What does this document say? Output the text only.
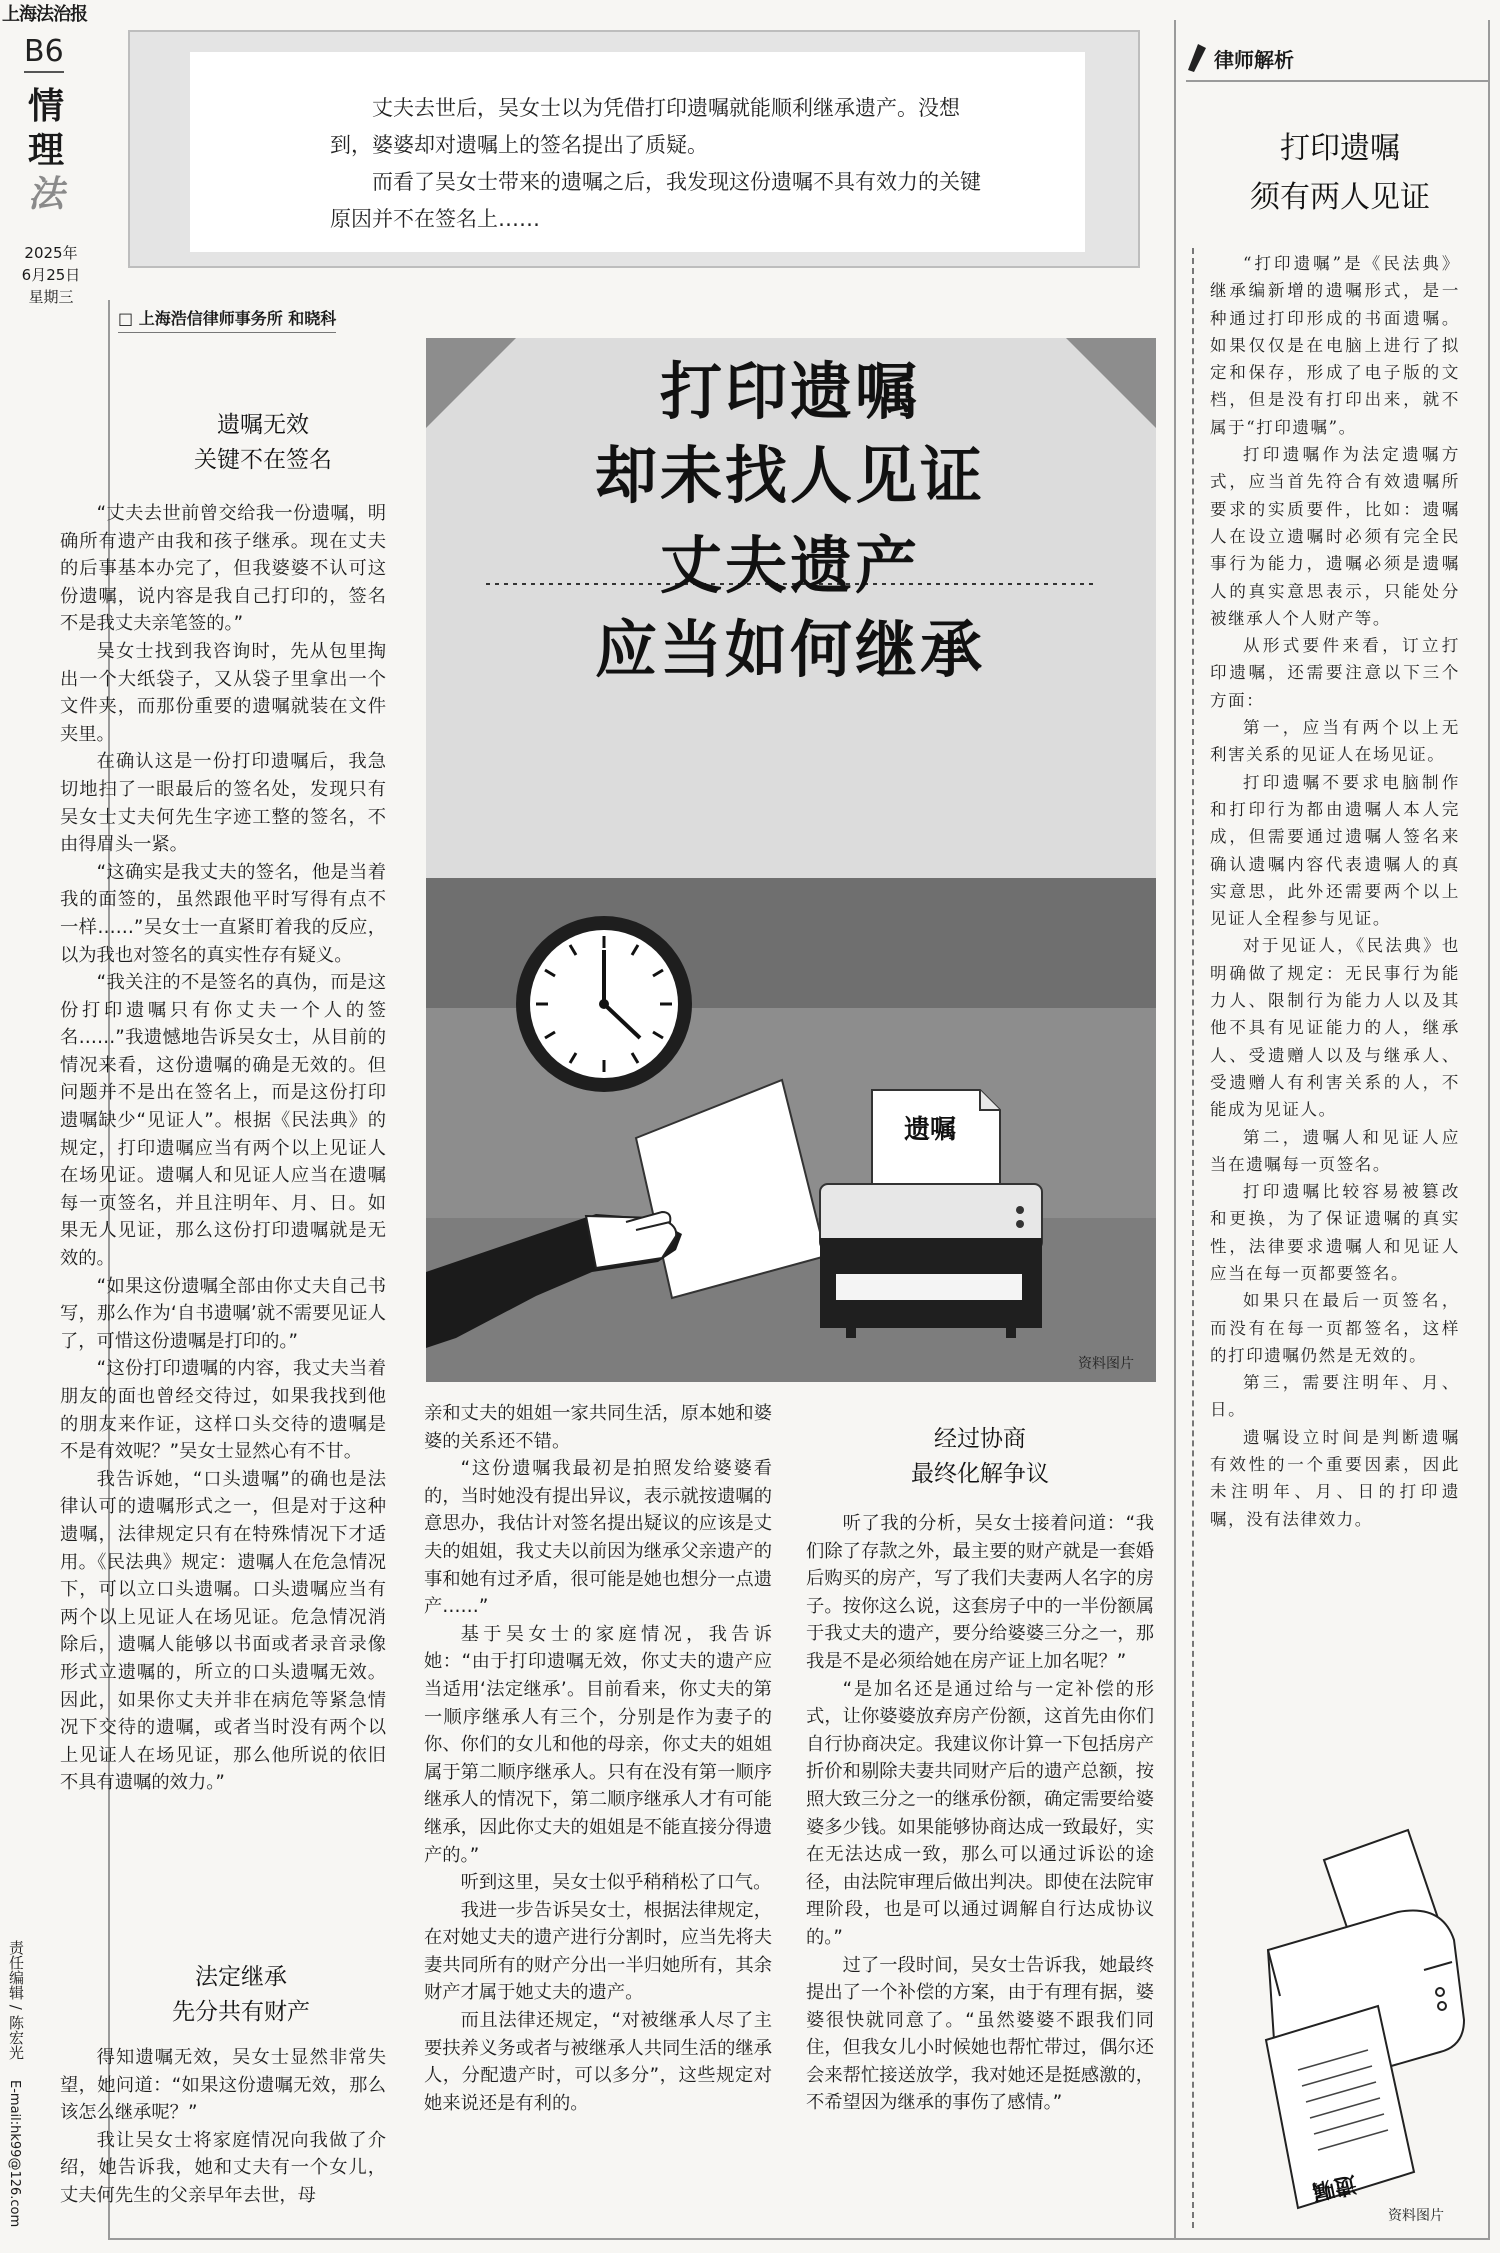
上海法治报
B6
情
理
法
2025年
6月25日
星期三
责任编辑 / 陈宏光
E-mail:hk99@126.com

丈夫去世后，吴女士以为凭借打印遗嘱就能顺利继承遗产。没想到，婆婆却对遗嘱上的签名提出了质疑。

而看了吴女士带来的遗嘱之后，我发现这份遗嘱不具有效力的关键原因并不在签名上……

□ 上海浩信律师事务所 和晓科
遗嘱
资料图片
打印遗嘱
却未找人见证
丈夫遗产
应当如何继承
遗嘱无效
关键不在签名

“丈夫去世前曾交给我一份遗嘱，明确所有遗产由我和孩子继承。现在丈夫的后事基本办完了，但我婆婆不认可这份遗嘱，说内容是我自己打印的，签名不是我丈夫亲笔签的。”

吴女士找到我咨询时，先从包里掏出一个大纸袋子，又从袋子里拿出一个文件夹，而那份重要的遗嘱就装在文件夹里。

在确认这是一份打印遗嘱后，我急切地扫了一眼最后的签名处，发现只有吴女士丈夫何先生字迹工整的签名，不由得眉头一紧。

“这确实是我丈夫的签名，他是当着我的面签的，虽然跟他平时写得有点不一样……”吴女士一直紧盯着我的反应，以为我也对签名的真实性存有疑义。

“我关注的不是签名的真伪，而是这份打印遗嘱只有你丈夫一个人的签名……”我遗憾地告诉吴女士，从目前的情况来看，这份遗嘱的确是无效的。但问题并不是出在签名上，而是这份打印遗嘱缺少“见证人”。根据《民法典》的规定，打印遗嘱应当有两个以上见证人在场见证。遗嘱人和见证人应当在遗嘱每一页签名，并且注明年、月、日。如果无人见证，那么这份打印遗嘱就是无效的。

“如果这份遗嘱全部由你丈夫自己书写，那么作为‘自书遗嘱’就不需要见证人了，可惜这份遗嘱是打印的。”

“这份打印遗嘱的内容，我丈夫当着朋友的面也曾经交待过，如果我找到他的朋友来作证，这样口头交待的遗嘱是不是有效呢？”吴女士显然心有不甘。

我告诉她，“口头遗嘱”的确也是法律认可的遗嘱形式之一，但是对于这种遗嘱，法律规定只有在特殊情况下才适用。《民法典》规定：遗嘱人在危急情况下，可以立口头遗嘱。口头遗嘱应当有两个以上见证人在场见证。危急情况消除后，遗嘱人能够以书面或者录音录像形式立遗嘱的，所立的口头遗嘱无效。因此，如果你丈夫并非在病危等紧急情况下交待的遗嘱，或者当时没有两个以上见证人在场见证，那么他所说的依旧不具有遗嘱的效力。”

法定继承
先分共有财产

得知遗嘱无效，吴女士显然非常失望，她问道：“如果这份遗嘱无效，那么该怎么继承呢？”

我让吴女士将家庭情况向我做了介绍，她告诉我，她和丈夫有一个女儿，丈夫何先生的父亲早年去世，母

亲和丈夫的姐姐一家共同生活，原本她和婆婆的关系还不错。

“这份遗嘱我最初是拍照发给婆婆看的，当时她没有提出异议，表示就按遗嘱的意思办，我估计对签名提出疑议的应该是丈夫的姐姐，我丈夫以前因为继承父亲遗产的事和她有过矛盾，很可能是她也想分一点遗产……”

基于吴女士的家庭情况，我告诉她：“由于打印遗嘱无效，你丈夫的遗产应当适用‘法定继承’。目前看来，你丈夫的第一顺序继承人有三个，分别是作为妻子的你、你们的女儿和他的母亲，你丈夫的姐姐属于第二顺序继承人。只有在没有第一顺序继承人的情况下，第二顺序继承人才有可能继承，因此你丈夫的姐姐是不能直接分得遗产的。”

听到这里，吴女士似乎稍稍松了口气。

我进一步告诉吴女士，根据法律规定，在对她丈夫的遗产进行分割时，应当先将夫妻共同所有的财产分出一半归她所有，其余财产才属于她丈夫的遗产。

而且法律还规定，“对被继承人尽了主要扶养义务或者与被继承人共同生活的继承人，分配遗产时，可以多分”，这些规定对她来说还是有利的。

经过协商
最终化解争议

听了我的分析，吴女士接着问道：“我们除了存款之外，最主要的财产就是一套婚后购买的房产，写了我们夫妻两人名字的房子。按你这么说，这套房子中的一半份额属于我丈夫的遗产，要分给婆婆三分之一，那我是不是必须给她在房产证上加名呢？”

“是加名还是通过给与一定补偿的形式，让你婆婆放弃房产份额，这首先由你们自行协商决定。我建议你计算一下包括房产折价和剔除夫妻共同财产后的遗产总额，按照大致三分之一的继承份额，确定需要给婆婆多少钱。如果能够协商达成一致最好，实在无法达成一致，那么可以通过诉讼的途径，由法院审理后做出判决。即使在法院审理阶段，也是可以通过调解自行达成协议的。”

过了一段时间，吴女士告诉我，她最终提出了一个补偿的方案，由于有理有据，婆婆很快就同意了。“虽然婆婆不跟我们同住，但我女儿小时候她也帮忙带过，偶尔还会来帮忙接送放学，我对她还是挺感激的，不希望因为继承的事伤了感情。”

律师解析
打印遗嘱
须有两人见证

“打印遗嘱”是《民法典》继承编新增的遗嘱形式，是一种通过打印形成的书面遗嘱。如果仅仅是在电脑上进行了拟定和保存，形成了电子版的文档，但是没有打印出来，就不属于“打印遗嘱”。

打印遗嘱作为法定遗嘱方式，应当首先符合有效遗嘱所要求的实质要件，比如：遗嘱人在设立遗嘱时必须有完全民事行为能力，遗嘱必须是遗嘱人的真实意思表示，只能处分被继承人个人财产等。

从形式要件来看，订立打印遗嘱，还需要注意以下三个方面：

第一，应当有两个以上无利害关系的见证人在场见证。

打印遗嘱不要求电脑制作和打印行为都由遗嘱人本人完成，但需要通过遗嘱人签名来确认遗嘱内容代表遗嘱人的真实意思，此外还需要两个以上见证人全程参与见证。

对于见证人，《民法典》也明确做了规定：无民事行为能力人、限制行为能力人以及其他不具有见证能力的人，继承人、受遗赠人以及与继承人、受遗赠人有利害关系的人，不能成为见证人。

第二，遗嘱人和见证人应当在遗嘱每一页签名。

打印遗嘱比较容易被篡改和更换，为了保证遗嘱的真实性，法律要求遗嘱人和见证人应当在每一页都要签名。

如果只在最后一页签名，而没有在每一页都签名，这样的打印遗嘱仍然是无效的。

第三，需要注明年、月、日。

遗嘱设立时间是判断遗嘱有效性的一个重要因素，因此未注明年、月、日的打印遗嘱，没有法律效力。

遗嘱
资料图片
